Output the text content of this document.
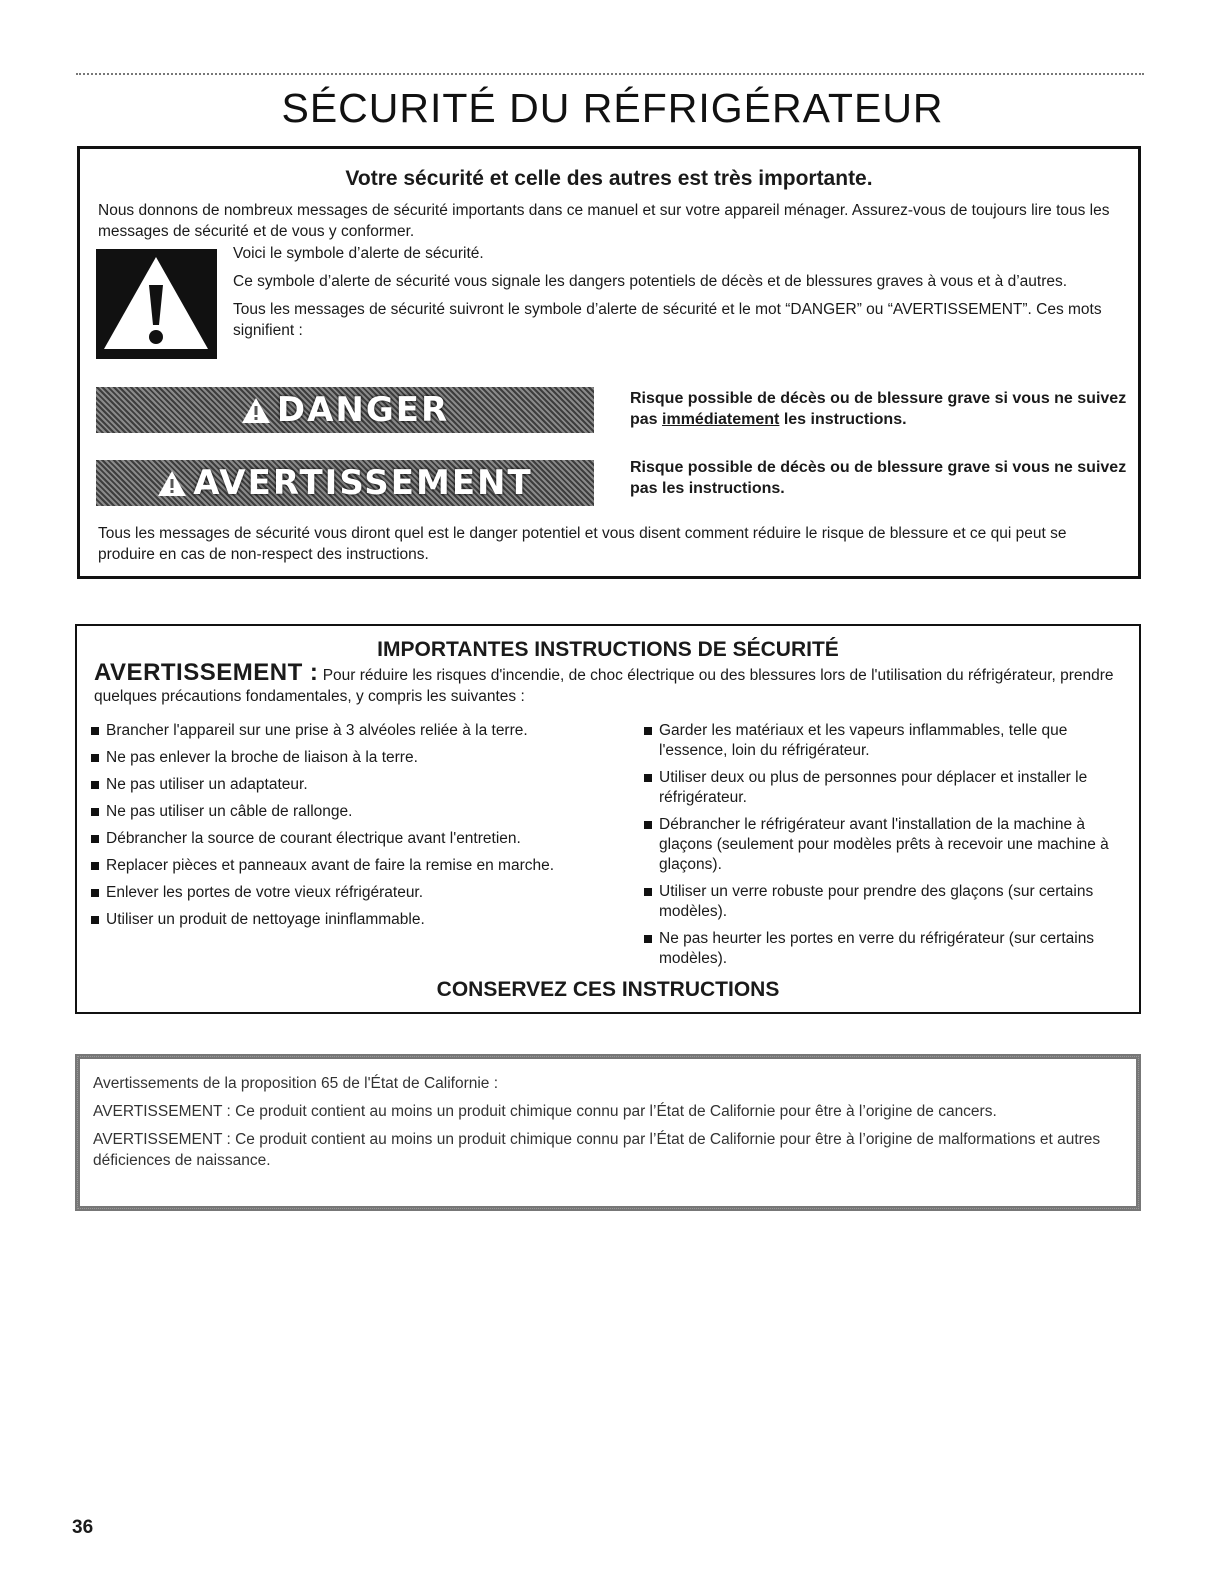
SÉCURITÉ DU RÉFRIGÉRATEUR
Votre sécurité et celle des autres est très importante.
Nous donnons de nombreux messages de sécurité importants dans ce manuel et sur votre appareil ménager. Assurez-vous de toujours lire tous les messages de sécurité et de vous y conformer.

Voici le symbole d’alerte de sécurité.

Ce symbole d’alerte de sécurité vous signale les dangers potentiels de décès et de blessures graves à vous et à d’autres.

Tous les messages de sécurité suivront le symbole d’alerte de sécurité et le mot “DANGER” ou “AVERTISSEMENT”. Ces mots signifient :

DANGER	Risque possible de décès ou de blessure grave si vous ne suivez pas immédiatement les instructions.
AVERTISSEMENT	Risque possible de décès ou de blessure grave si vous ne suivez pas les instructions.
Tous les messages de sécurité vous diront quel est le danger potentiel et vous disent comment réduire le risque de blessure et ce qui peut se produire en cas de non-respect des instructions.
IMPORTANTES INSTRUCTIONS DE SÉCURITÉ
AVERTISSEMENT : Pour réduire les risques d'incendie, de choc électrique ou des blessures lors de l'utilisation du réfrigérateur, prendre quelques précautions fondamentales, y compris les suivantes :
Brancher l'appareil sur une prise à 3 alvéoles reliée à la terre.
Ne pas enlever la broche de liaison à la terre.
Ne pas utiliser un adaptateur.
Ne pas utiliser un câble de rallonge.
Débrancher la source de courant électrique avant l'entretien.
Replacer pièces et panneaux avant de faire la remise en marche.
Enlever les portes de votre vieux réfrigérateur.
Utiliser un produit de nettoyage ininflammable.
Garder les matériaux et les vapeurs inflammables, telle que l'essence, loin du réfrigérateur.
Utiliser deux ou plus de personnes pour déplacer et installer le réfrigérateur.
Débrancher le réfrigérateur avant l'installation de la machine à glaçons (seulement pour modèles prêts à recevoir une machine à glaçons).
Utiliser un verre robuste pour prendre des glaçons (sur certains modèles).
Ne pas heurter les portes en verre du réfrigérateur (sur certains modèles).
CONSERVEZ CES INSTRUCTIONS

Avertissements de la proposition 65 de l'État de Californie :

AVERTISSEMENT : Ce produit contient au moins un produit chimique connu par l’État de Californie pour être à l’origine de cancers.

AVERTISSEMENT : Ce produit contient au moins un produit chimique connu par l’État de Californie pour être à l’origine de malformations et autres déficiences de naissance.

36
